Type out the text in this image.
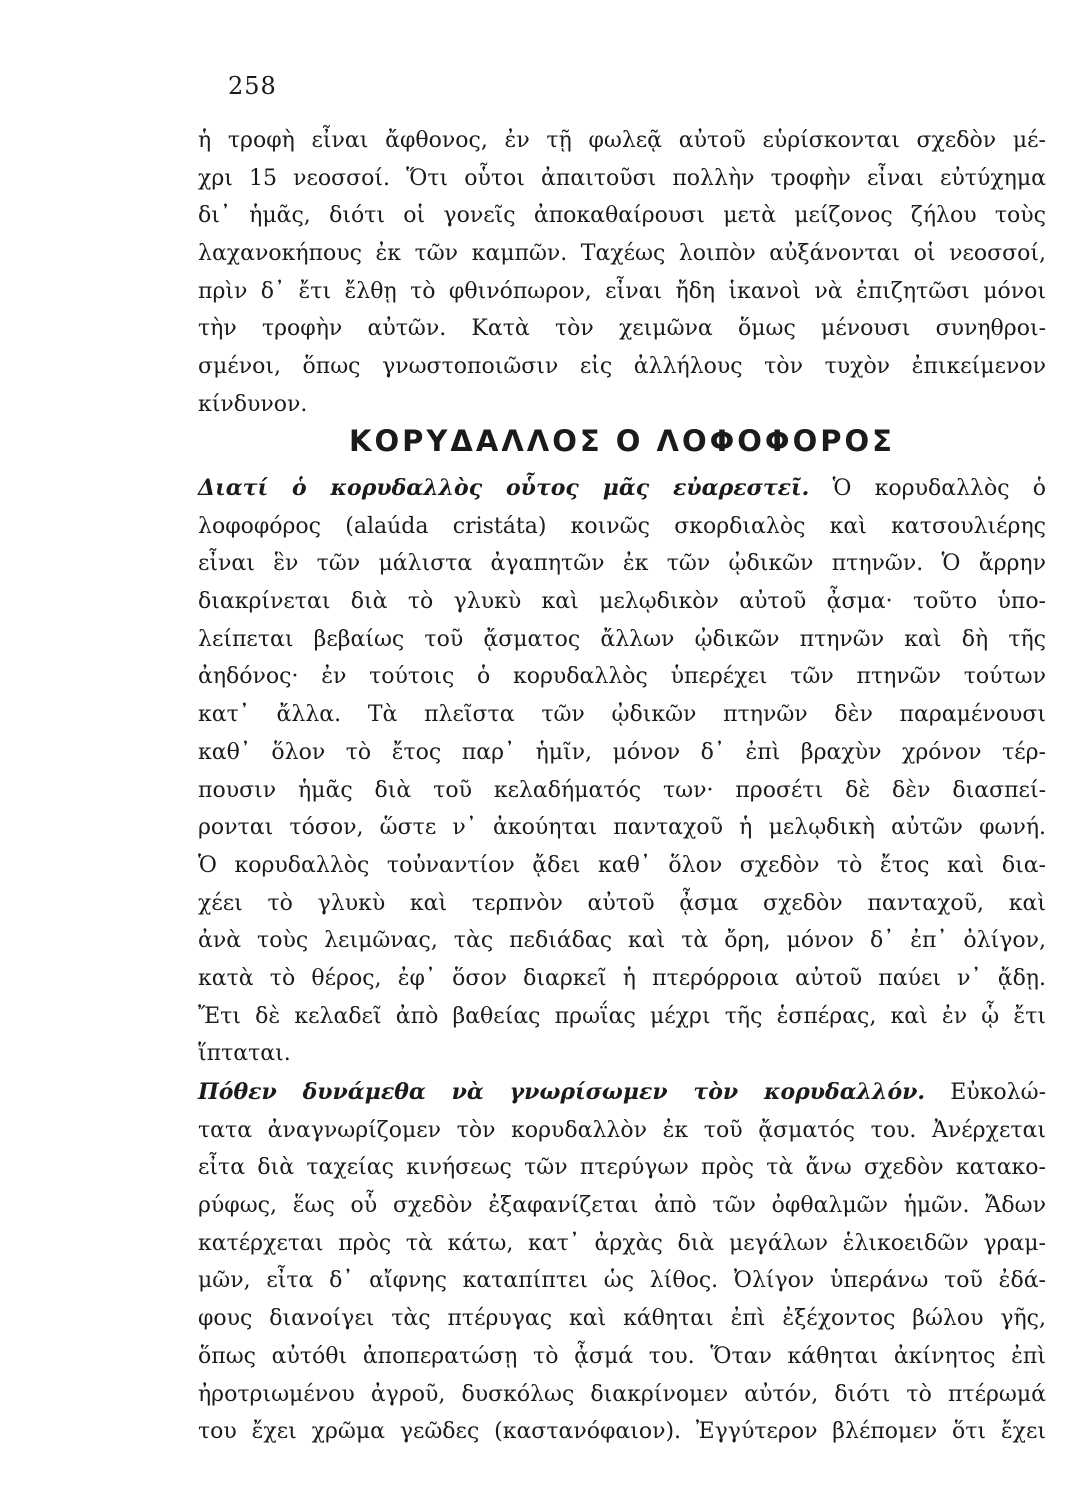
258
ἡ τροφὴ εἶναι ἄφθονος, ἐν τῇ φωλεᾷ αὐτοῦ εὑρίσκονται σχεδὸν μέ-
χρι 15 νεοσσοί. Ὅτι οὗτοι ἀπαιτοῦσι πολλὴν τροφὴν εἶναι εὐτύχημα
δι᾽ ἡμᾶς, διότι οἱ γονεῖς ἀποκαθαίρουσι μετὰ μείζονος ζήλου τοὺς
λαχανοκήπους ἐκ τῶν καμπῶν. Ταχέως λοιπὸν αὐξάνονται οἱ νεοσσοί,
πρὶν δ᾽ ἔτι ἔλθῃ τὸ φθινόπωρον, εἶναι ἤδη ἱκανοὶ νὰ ἐπιζητῶσι μόνοι
τὴν τροφὴν αὐτῶν. Κατὰ τὸν χειμῶνα ὅμως μένουσι συνηθροι-
σμένοι, ὅπως γνωστοποιῶσιν εἰς ἀλλήλους τὸν τυχὸν ἐπικείμενον
κίνδυνον.
ΚΟΡΥΔΑΛΛΟΣ Ο ΛΟΦΟΦΟΡΟΣ
Διατί ὁ κορυδαλλὸς οὗτος μᾶς εὐαρεστεῖ. Ὁ κορυδαλλὸς ὁ
λοφοφόρος (alaúda cristáta) κοινῶς σκορδιαλὸς καὶ κατσουλιέρης
εἶναι ἓν τῶν μάλιστα ἀγαπητῶν ἐκ τῶν ᾠδικῶν πτηνῶν. Ὁ ἄρρην
διακρίνεται διὰ τὸ γλυκὺ καὶ μελῳδικὸν αὐτοῦ ᾆσμα· τοῦτο ὑπο-
λείπεται βεβαίως τοῦ ᾄσματος ἄλλων ᾠδικῶν πτηνῶν καὶ δὴ τῆς
ἀηδόνος· ἐν τούτοις ὁ κορυδαλλὸς ὑπερέχει τῶν πτηνῶν τούτων
κατ᾽ ἄλλα. Τὰ πλεῖστα τῶν ᾠδικῶν πτηνῶν δὲν παραμένουσι
καθ᾽ ὅλον τὸ ἔτος παρ᾽ ἡμῖν, μόνον δ᾽ ἐπὶ βραχὺν χρόνον τέρ-
πουσιν ἡμᾶς διὰ τοῦ κελαδήματός των· προσέτι δὲ δὲν διασπεί-
ρονται τόσον, ὥστε ν᾽ ἀκούηται πανταχοῦ ἡ μελῳδικὴ αὐτῶν φωνή.
Ὁ κορυδαλλὸς τοὐναντίον ᾄδει καθ᾽ ὅλον σχεδὸν τὸ ἔτος καὶ δια-
χέει τὸ γλυκὺ καὶ τερπνὸν αὐτοῦ ᾆσμα σχεδὸν πανταχοῦ, καὶ
ἀνὰ τοὺς λειμῶνας, τὰς πεδιάδας καὶ τὰ ὄρη, μόνον δ᾽ ἐπ᾽ ὀλίγον,
κατὰ τὸ θέρος, ἐφ᾽ ὅσον διαρκεῖ ἡ πτερόρροια αὐτοῦ παύει ν᾽ ᾄδῃ.
Ἔτι δὲ κελαδεῖ ἀπὸ βαθείας πρωΐας μέχρι τῆς ἑσπέρας, καὶ ἐν ᾧ ἔτι
ἵπταται.
Πόθεν δυνάμεθα νὰ γνωρίσωμεν τὸν κορυδαλλόν. Εὐκολώ-
τατα ἀναγνωρίζομεν τὸν κορυδαλλὸν ἐκ τοῦ ᾄσματός του. Ἀνέρχεται
εἶτα διὰ ταχείας κινήσεως τῶν πτερύγων πρὸς τὰ ἄνω σχεδὸν κατακο-
ρύφως, ἕως οὗ σχεδὸν ἐξαφανίζεται ἀπὸ τῶν ὀφθαλμῶν ἡμῶν. Ἄδων
κατέρχεται πρὸς τὰ κάτω, κατ᾽ ἀρχὰς διὰ μεγάλων ἑλικοειδῶν γραμ-
μῶν, εἶτα δ᾽ αἴφνης καταπίπτει ὡς λίθος. Ὀλίγον ὑπεράνω τοῦ ἐδά-
φους διανοίγει τὰς πτέρυγας καὶ κάθηται ἐπὶ ἐξέχοντος βώλου γῆς,
ὅπως αὐτόθι ἀποπερατώσῃ τὸ ᾆσμά του. Ὅταν κάθηται ἀκίνητος ἐπὶ
ἠροτριωμένου ἀγροῦ, δυσκόλως διακρίνομεν αὐτόν, διότι τὸ πτέρωμά
του ἔχει χρῶμα γεῶδες (καστανόφαιον). Ἐγγύτερον βλέπομεν ὅτι ἔχει
